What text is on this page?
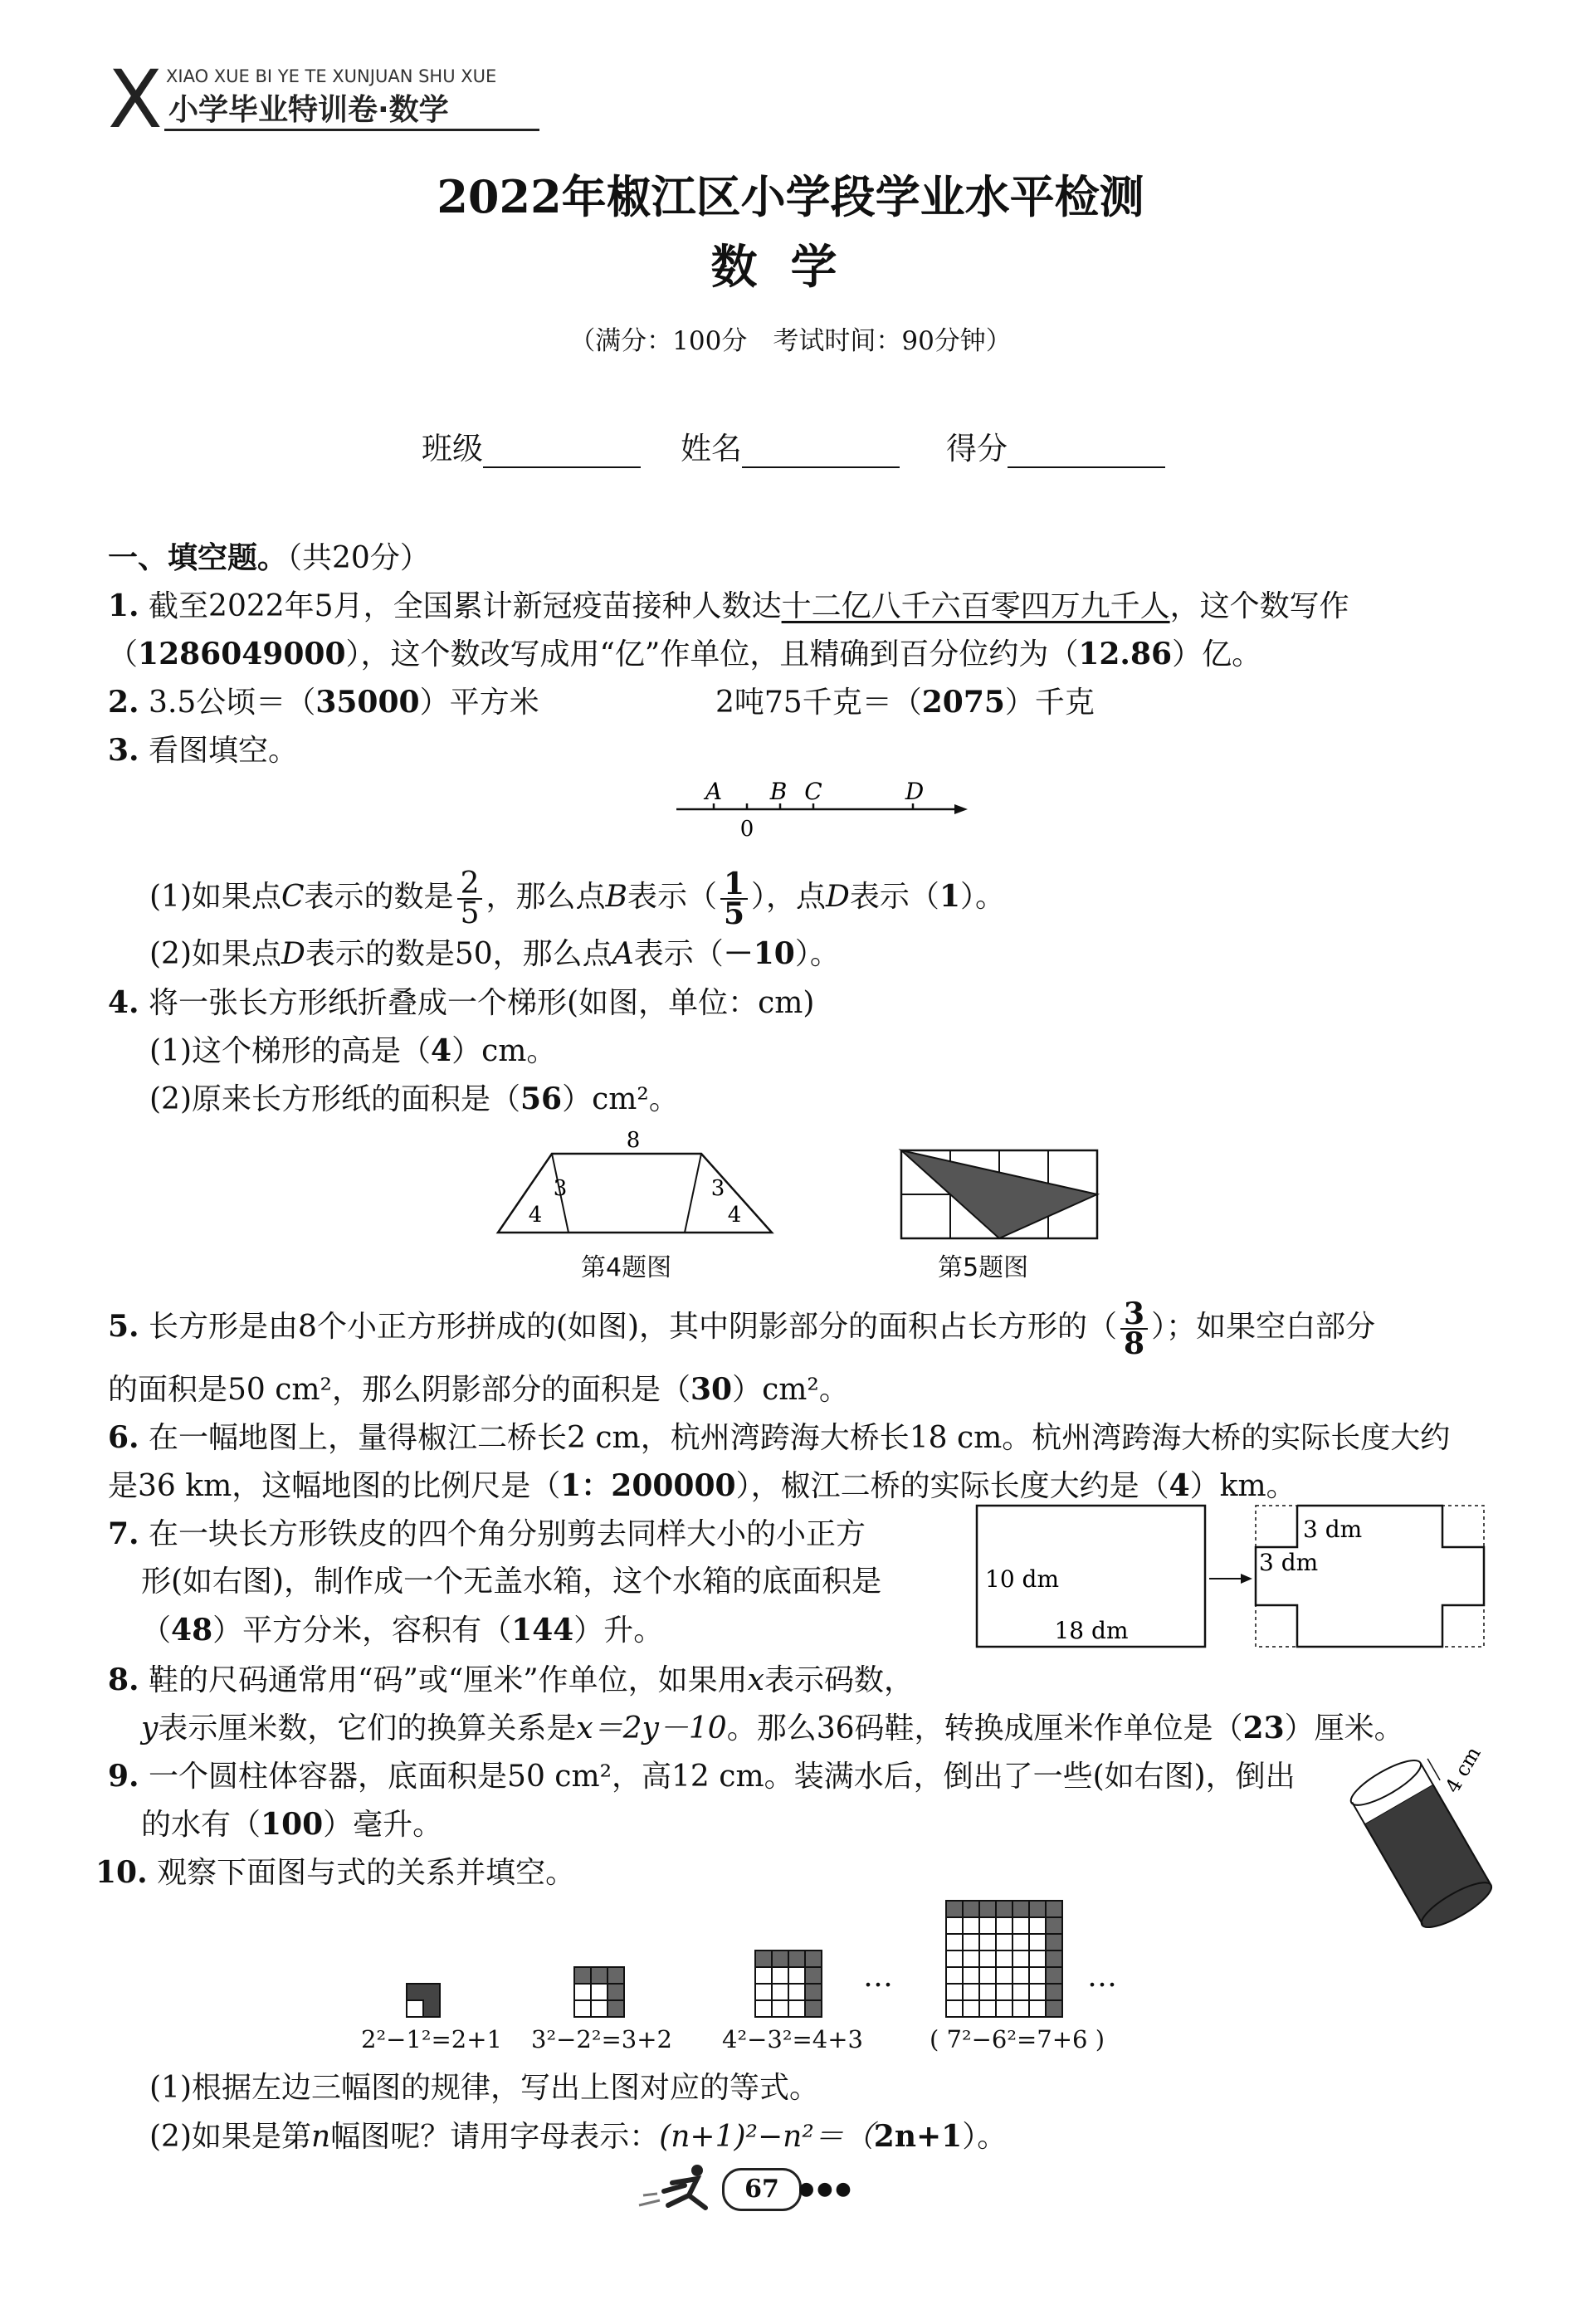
X XIAO XUE BI YE TE XUNJUAN SHU XUE
小学毕业特训卷·数学
2022年椒江区小学段学业水平检测
数学
（满分：100分　考试时间：90分钟）
班级	姓名	得分
一、填空题。（共20分）
1. 截至2022年5月，全国累计新冠疫苗接种人数达十二亿八千六百零四万九千人，这个数写作
（1286049000），这个数改写成用“亿”作单位，且精确到百分位约为（12.86）亿。
2. 3.5公顷＝（35000）平方米	2吨75千克＝（2075）千克
3. 看图填空。
A B C	D
0
(1)如果点C表示的数是 $\frac{2}{5}$ ，那么点B表示（ $\frac{1}{5}$ ），点D表示（1）。
(2)如果点D表示的数是50，那么点A表示（－10）。
4. 将一张长方形纸折叠成一个梯形(如图，单位：cm)
(1)这个梯形的高是（4）cm。
(2)原来长方形纸的面积是（56）cm²。
8
3
4
3
4
第4题图	第5题图
5. 长方形是由8个小正方形拼成的(如图)，其中阴影部分的面积占长方形的（ $\frac{3}{8}$ ）；如果空白部分
的面积是50 cm²，那么阴影部分的面积是（30）cm²。
6. 在一幅地图上，量得椒江二桥长2 cm，杭州湾跨海大桥长18 cm。杭州湾跨海大桥的实际长度大约
是36 km，这幅地图的比例尺是（1：200000），椒江二桥的实际长度大约是（4）km。
7. 在一块长方形铁皮的四个角分别剪去同样大小的小正方
形(如右图)，制作成一个无盖水箱，这个水箱的底面积是
（48）平方分米，容积有（144）升。
10 dm
18 dm
3 dm
3 dm
8. 鞋的尺码通常用“码”或“厘米”作单位，如果用x表示码数，
y表示厘米数，它们的换算关系是x＝2y－10。那么36码鞋，转换成厘米作单位是（23）厘米。
9. 一个圆柱体容器，底面积是50 cm²，高12 cm。装满水后，倒出了一些(如右图)，倒出
的水有（100）毫升。
4 cm
10. 观察下面图与式的关系并填空。
…	…
2²−1²=2+1 3²−2²=3+2 4²−3²=4+3	( 7²−6²=7+6 )
(1)根据左边三幅图的规律，写出上图对应的等式。
(2)如果是第n幅图呢？请用字母表示：(n+1)²−n²＝（2n+1）。
67	●●●
